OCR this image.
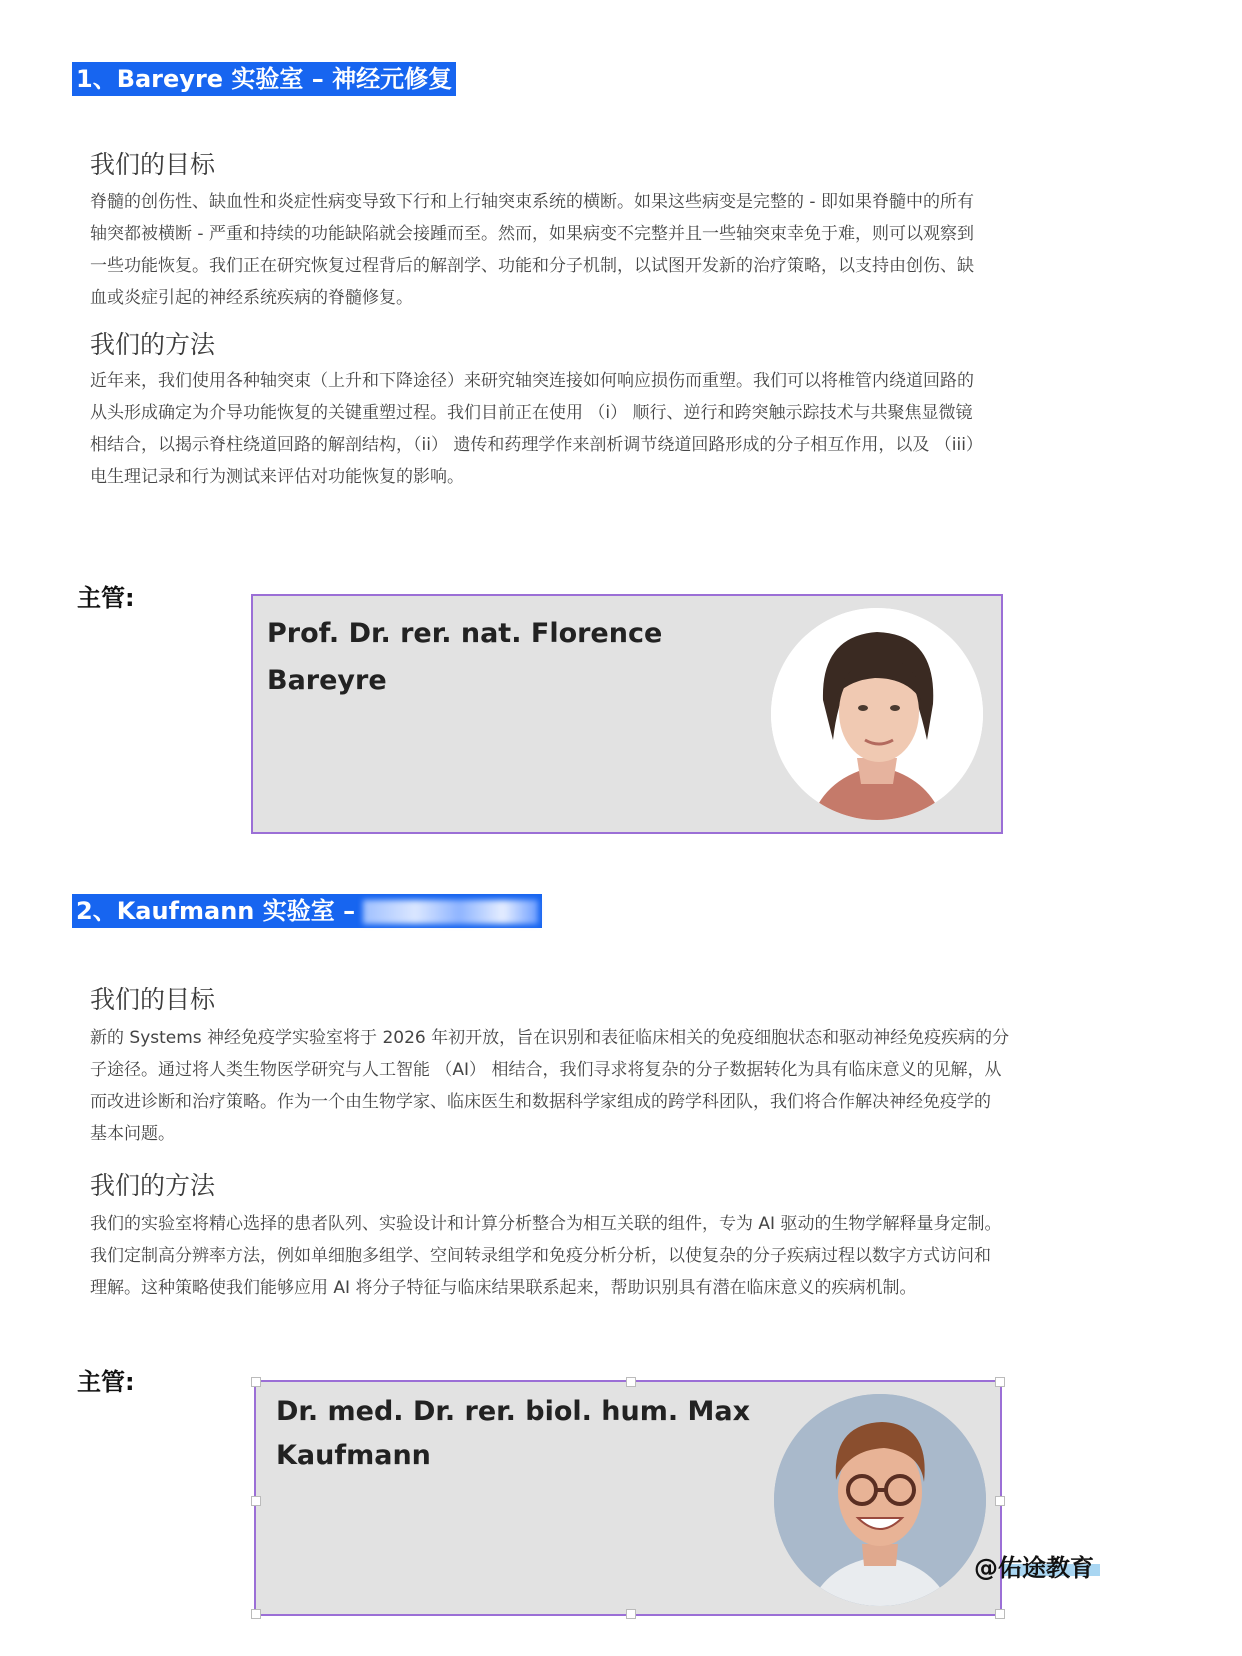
1、Bareyre 实验室 – 神经元修复
我们的目标

脊髓的创伤性、缺血性和炎症性病变导致下行和上行轴突束系统的横断。如果这些病变是完整的 - 即如果脊髓中的所有

轴突都被横断 - 严重和持续的功能缺陷就会接踵而至。然而，如果病变不完整并且一些轴突束幸免于难，则可以观察到

一些功能恢复。我们正在研究恢复过程背后的解剖学、功能和分子机制，以试图开发新的治疗策略，以支持由创伤、缺

血或炎症引起的神经系统疾病的脊髓修复。

我们的方法

近年来，我们使用各种轴突束（上升和下降途径）来研究轴突连接如何响应损伤而重塑。我们可以将椎管内绕道回路的

从头形成确定为介导功能恢复的关键重塑过程。我们目前正在使用 （i） 顺行、逆行和跨突触示踪技术与共聚焦显微镜

相结合，以揭示脊柱绕道回路的解剖结构，（ii） 遗传和药理学作来剖析调节绕道回路形成的分子相互作用，以及 （iii）

电生理记录和行为测试来评估对功能恢复的影响。

主管:
Prof. Dr. rer. nat. Florence
Bareyre
2、Kaufmann 实验室 –
我们的目标

新的 Systems 神经免疫学实验室将于 2026 年初开放，旨在识别和表征临床相关的免疫细胞状态和驱动神经免疫疾病的分

子途径。通过将人类生物医学研究与人工智能 （AI） 相结合，我们寻求将复杂的分子数据转化为具有临床意义的见解，从

而改进诊断和治疗策略。作为一个由生物学家、临床医生和数据科学家组成的跨学科团队，我们将合作解决神经免疫学的

基本问题。

我们的方法

我们的实验室将精心选择的患者队列、实验设计和计算分析整合为相互关联的组件，专为 AI 驱动的生物学解释量身定制。

我们定制高分辨率方法，例如单细胞多组学、空间转录组学和免疫分析分析，以使复杂的分子疾病过程以数字方式访问和

理解。这种策略使我们能够应用 AI 将分子特征与临床结果联系起来，帮助识别具有潜在临床意义的疾病机制。

主管:
Dr. med. Dr. rer. biol. hum. Max
Kaufmann
@佑途教育
